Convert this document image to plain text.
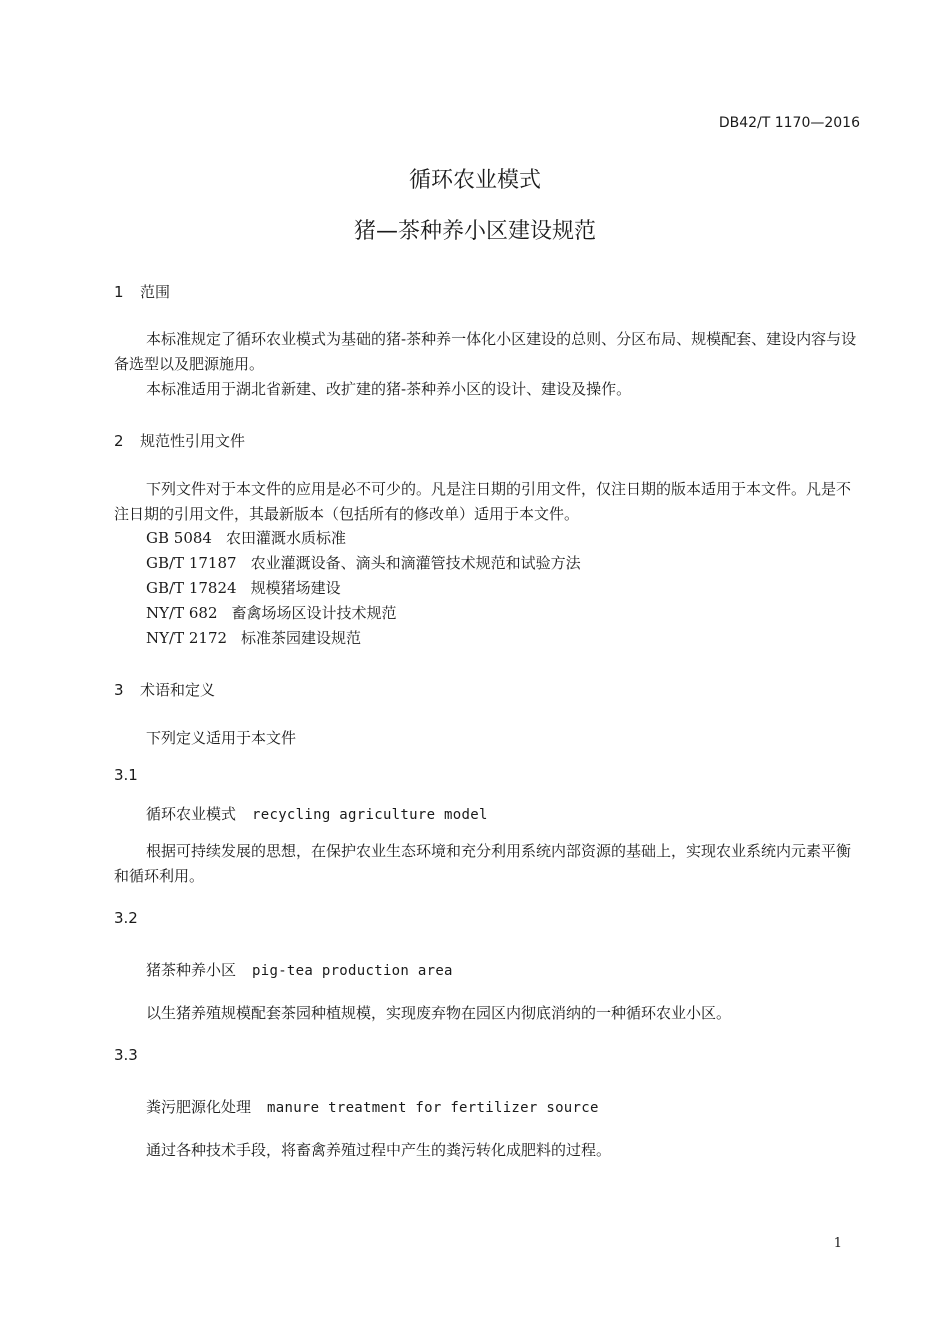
DB42/T 1170—2016
循环农业模式
猪—茶种养小区建设规范
1 范围
本标准规定了循环农业模式为基础的猪-茶种养一体化小区建设的总则、分区布局、规模配套、建设内容与设备选型以及肥源施用。
本标准适用于湖北省新建、改扩建的猪-茶种养小区的设计、建设及操作。
2 规范性引用文件
下列文件对于本文件的应用是必不可少的。凡是注日期的引用文件，仅注日期的版本适用于本文件。凡是不注日期的引用文件，其最新版本（包括所有的修改单）适用于本文件。
GB 5084 农田灌溉水质标准
GB/T 17187 农业灌溉设备、滴头和滴灌管技术规范和试验方法
GB/T 17824 规模猪场建设
NY/T 682 畜禽场场区设计技术规范
NY/T 2172 标准茶园建设规范
3 术语和定义
下列定义适用于本文件
3.1
循环农业模式 recycling agriculture model
根据可持续发展的思想，在保护农业生态环境和充分利用系统内部资源的基础上，实现农业系统内元素平衡和循环利用。
3.2
猪茶种养小区 pig-tea production area
以生猪养殖规模配套茶园种植规模，实现废弃物在园区内彻底消纳的一种循环农业小区。
3.3
粪污肥源化处理 manure treatment for fertilizer source
通过各种技术手段，将畜禽养殖过程中产生的粪污转化成肥料的过程。
1
